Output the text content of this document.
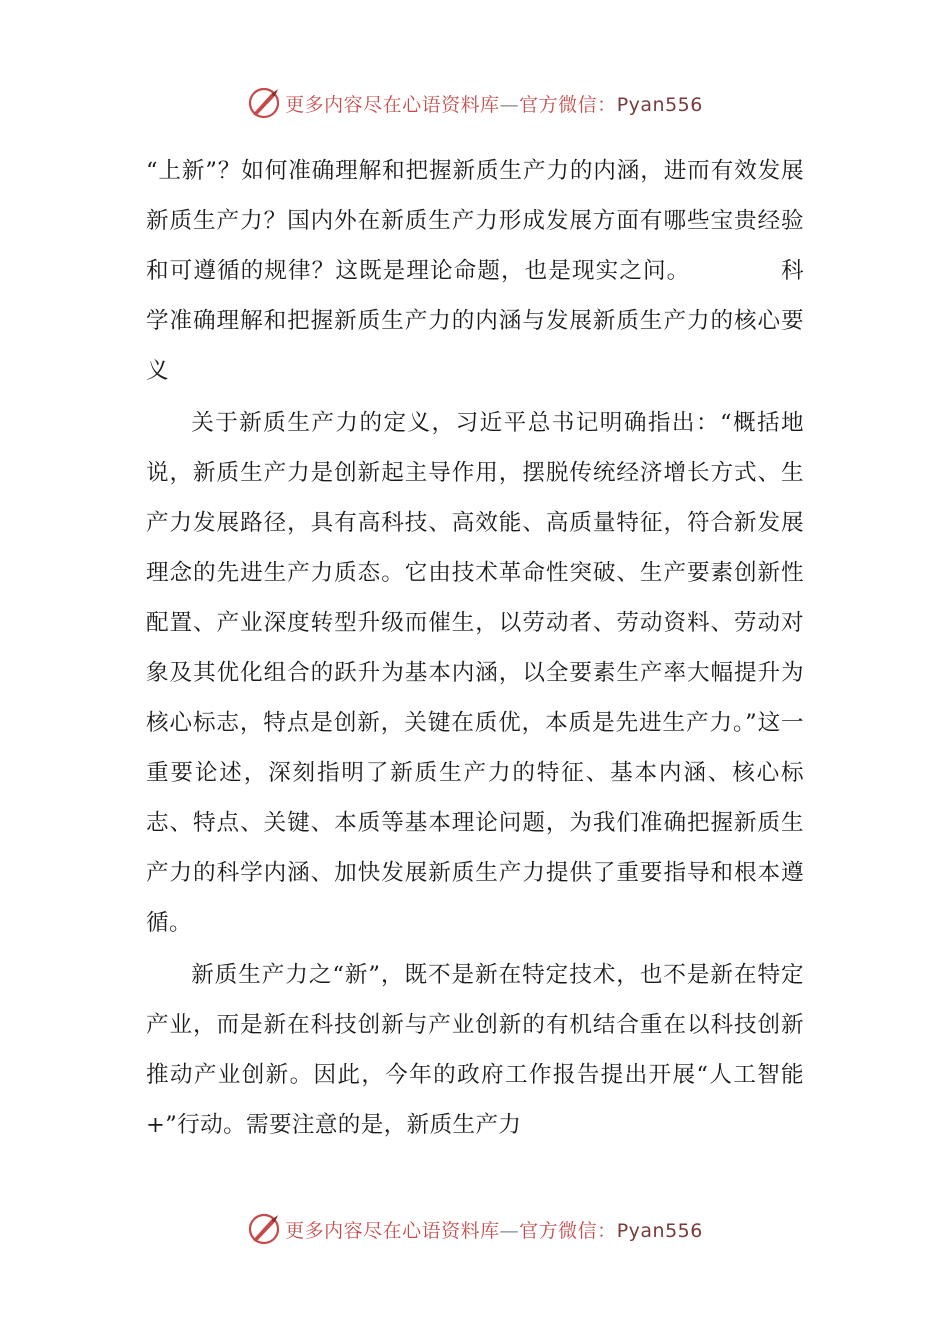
更多内容尽在心语资料库—官方微信：Pyan556

“上新”？如何准确理解和把握新质生产力的内涵，进而有效发展新质生产力？国内外在新质生产力形成发展方面有哪些宝贵经验和可遵循的规律？这既是理论命题，也是现实之问。	科学准确理解和把握新质生产力的内涵与发展新质生产力的核心要义

关于新质生产力的定义，习近平总书记明确指出：“概括地说，新质生产力是创新起主导作用，摆脱传统经济增长方式、生产力发展路径，具有高科技、高效能、高质量特征，符合新发展理念的先进生产力质态。它由技术革命性突破、生产要素创新性配置、产业深度转型升级而催生，以劳动者、劳动资料、劳动对象及其优化组合的跃升为基本内涵，以全要素生产率大幅提升为核心标志，特点是创新，关键在质优，本质是先进生产力。”这一重要论述，深刻指明了新质生产力的特征、基本内涵、核心标志、特点、关键、本质等基本理论问题，为我们准确把握新质生产力的科学内涵、加快发展新质生产力提供了重要指导和根本遵循。

新质生产力之“新”，既不是新在特定技术，也不是新在特定产业，而是新在科技创新与产业创新的有机结合重在以科技创新推动产业创新。因此，今年的政府工作报告提出开展“人工智能+”行动。需要注意的是，新质生产力

更多内容尽在心语资料库—官方微信：Pyan556
